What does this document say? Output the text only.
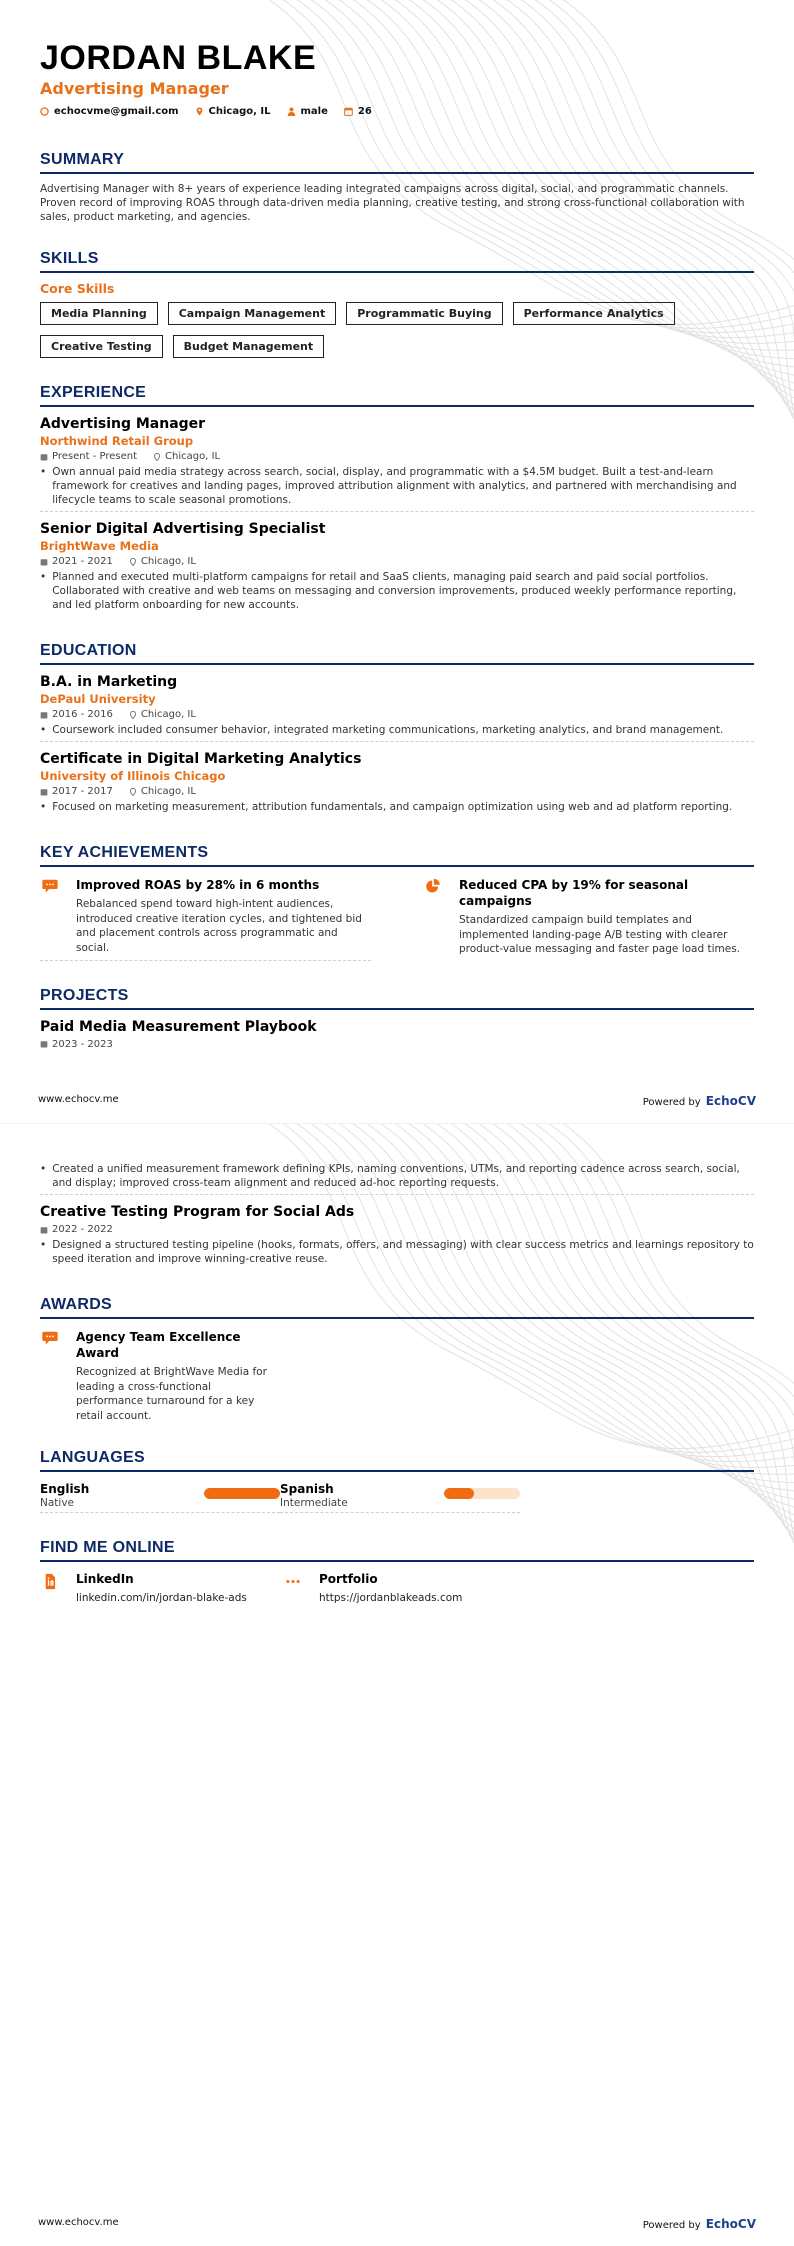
JORDAN BLAKE
Advertising Manager
echocvme@gmail.com	Chicago, IL	male	26
SUMMARY
Advertising Manager with 8+ years of experience leading integrated campaigns across digital, social, and programmatic channels. Proven record of improving ROAS through data-driven media planning, creative testing, and strong cross-functional collaboration with sales, product marketing, and agencies.
SKILLS
Core Skills
Media Planning	Campaign Management	Programmatic Buying	Performance Analytics
Creative Testing	Budget Management
EXPERIENCE
Advertising Manager
Northwind Retail Group
Present - Present	Chicago, IL
• Own annual paid media strategy across search, social, display, and programmatic with a $4.5M budget. Built a test-and-learn framework for creatives and landing pages, improved attribution alignment with analytics, and partnered with merchandising and lifecycle teams to scale seasonal promotions.
Senior Digital Advertising Specialist
BrightWave Media
2021 - 2021	Chicago, IL
• Planned and executed multi-platform campaigns for retail and SaaS clients, managing paid search and paid social portfolios. Collaborated with creative and web teams on messaging and conversion improvements, produced weekly performance reporting, and led platform onboarding for new accounts.
EDUCATION
B.A. in Marketing
DePaul University
2016 - 2016	Chicago, IL
• Coursework included consumer behavior, integrated marketing communications, marketing analytics, and brand management.
Certificate in Digital Marketing Analytics
University of Illinois Chicago
2017 - 2017	Chicago, IL
• Focused on marketing measurement, attribution fundamentals, and campaign optimization using web and ad platform reporting.
KEY ACHIEVEMENTS
Improved ROAS by 28% in 6 months
Rebalanced spend toward high-intent audiences, introduced creative iteration cycles, and tightened bid and placement controls across programmatic and social.
Reduced CPA by 19% for seasonal campaigns
Standardized campaign build templates and implemented landing-page A/B testing with clearer product-value messaging and faster page load times.
PROJECTS
Paid Media Measurement Playbook
2023 - 2023
www.echocv.me	Powered by EchoCV
• Created a unified measurement framework defining KPIs, naming conventions, UTMs, and reporting cadence across search, social, and display; improved cross-team alignment and reduced ad-hoc reporting requests.
Creative Testing Program for Social Ads
2022 - 2022
• Designed a structured testing pipeline (hooks, formats, offers, and messaging) with clear success metrics and learnings repository to speed iteration and improve winning-creative reuse.
AWARDS
Agency Team Excellence Award
Recognized at BrightWave Media for leading a cross-functional performance turnaround for a key retail account.
LANGUAGES
English
Native
Spanish
Intermediate
FIND ME ONLINE
LinkedIn
linkedin.com/in/jordan-blake-ads
Portfolio
https://jordanblakeads.com
www.echocv.me	Powered by EchoCV
